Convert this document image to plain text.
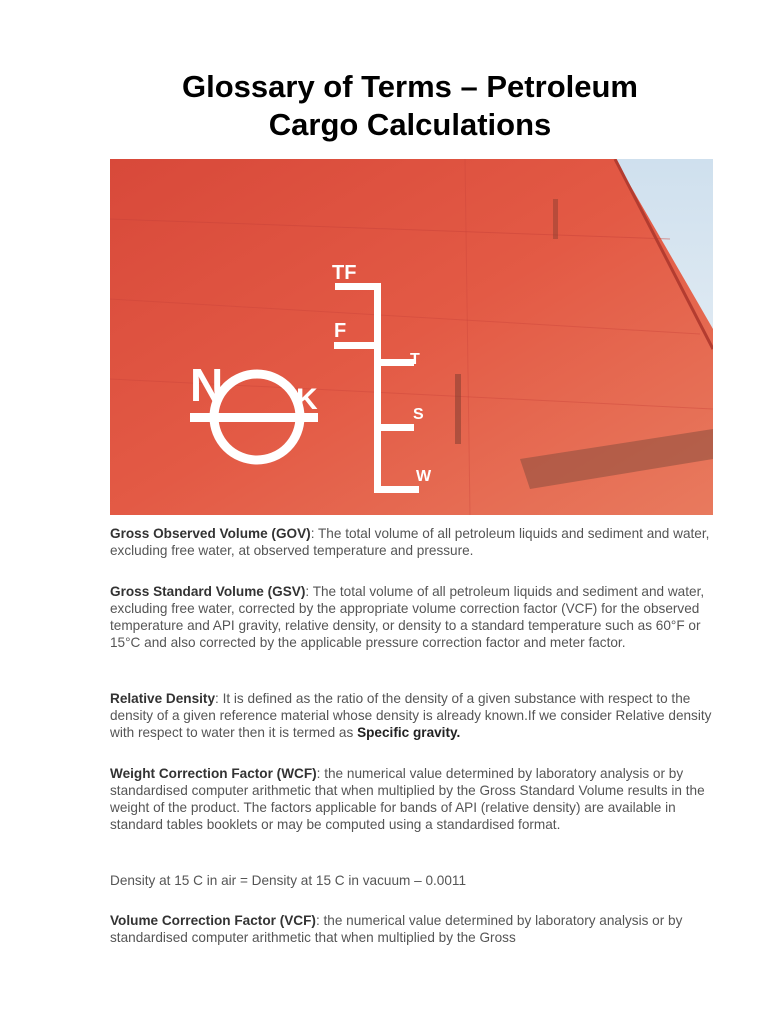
Glossary of Terms – Petroleum
Cargo Calculations
N K
TF
F
T
S
W

Gross Observed Volume (GOV): The total volume of all petroleum liquids and sediment and water, excluding free water, at observed temperature and pressure.

Gross Standard Volume (GSV): The total volume of all petroleum liquids and sediment and water, excluding free water, corrected by the appropriate volume correction factor (VCF) for the observed temperature and API gravity, relative density, or density to a standard temperature such as 60°F or 15°C and also corrected by the applicable pressure correction factor and meter factor.

Relative Density: It is defined as the ratio of the density of a given substance with respect to the density of a given reference material whose density is already known.If we consider Relative density with respect to water then it is termed as Specific gravity.

Weight Correction Factor (WCF): the numerical value determined by laboratory analysis or by standardised computer arithmetic that when multiplied by the Gross Standard Volume results in the weight of the product. The factors applicable for bands of API (relative density) are available in standard tables booklets or may be computed using a standardised format.

Density at 15 C in air = Density at 15 C in vacuum – 0.0011

Volume Correction Factor (VCF): the numerical value determined by laboratory analysis or by standardised computer arithmetic that when multiplied by the Gross
